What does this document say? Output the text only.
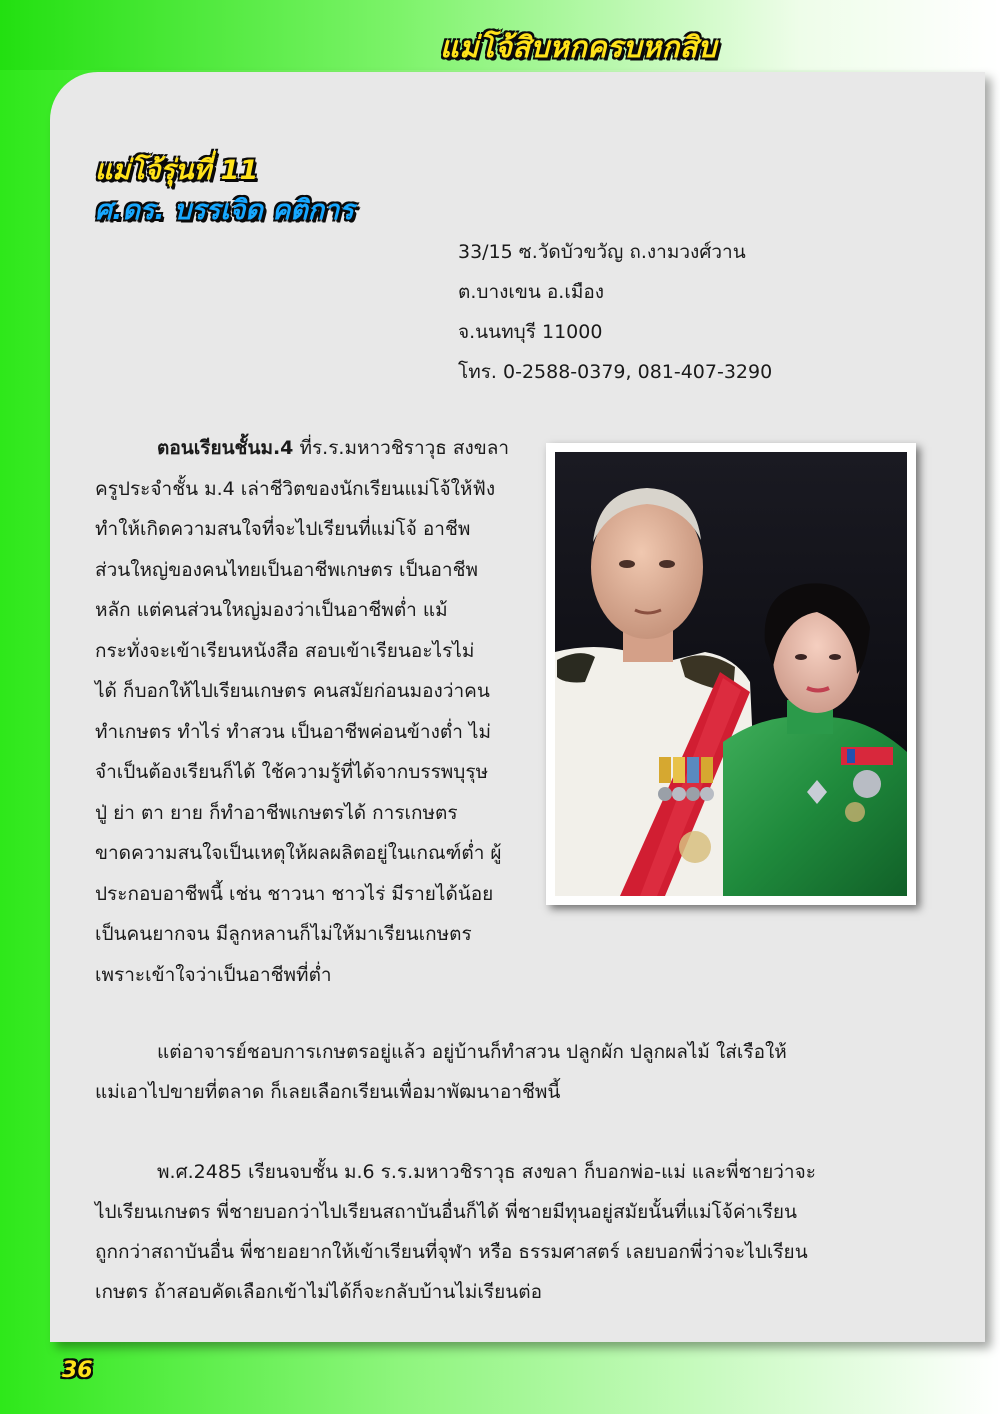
แม่โจ้สิบหกครบหกสิบ
แม่โจ้รุ่นที่ 11
ศ.ดร. บรรเจิด คติการ
33/15 ซ.วัดบัวขวัญ ถ.งามวงศ์วาน
ต.บางเขน อ.เมือง
จ.นนทบุรี 11000
โทร. 0-2588-0379, 081-407-3290
ตอนเรียนชั้นม.4 ที่ร.ร.มหาวชิราวุธ สงขลา
ครูประจำชั้น ม.4 เล่าชีวิตของนักเรียนแม่โจ้ให้ฟัง
ทำให้เกิดความสนใจที่จะไปเรียนที่แม่โจ้ อาชีพ
ส่วนใหญ่ของคนไทยเป็นอาชีพเกษตร เป็นอาชีพ
หลัก แต่คนส่วนใหญ่มองว่าเป็นอาชีพต่ำ แม้
กระทั่งจะเข้าเรียนหนังสือ สอบเข้าเรียนอะไรไม่
ได้ ก็บอกให้ไปเรียนเกษตร คนสมัยก่อนมองว่าคน
ทำเกษตร ทำไร่ ทำสวน เป็นอาชีพค่อนข้างต่ำ ไม่
จำเป็นต้องเรียนก็ได้ ใช้ความรู้ที่ได้จากบรรพบุรุษ
ปู่ ย่า ตา ยาย ก็ทำอาชีพเกษตรได้ การเกษตร
ขาดความสนใจเป็นเหตุให้ผลผลิตอยู่ในเกณฑ์ต่ำ ผู้
ประกอบอาชีพนี้ เช่น ชาวนา ชาวไร่ มีรายได้น้อย
เป็นคนยากจน มีลูกหลานก็ไม่ให้มาเรียนเกษตร
เพราะเข้าใจว่าเป็นอาชีพที่ต่ำ
แต่อาจารย์ชอบการเกษตรอยู่แล้ว อยู่บ้านก็ทำสวน ปลูกผัก ปลูกผลไม้ ใส่เรือให้
แม่เอาไปขายที่ตลาด ก็เลยเลือกเรียนเพื่อมาพัฒนาอาชีพนี้
พ.ศ.2485 เรียนจบชั้น ม.6 ร.ร.มหาวชิราวุธ สงขลา ก็บอกพ่อ-แม่ และพี่ชายว่าจะ
ไปเรียนเกษตร พี่ชายบอกว่าไปเรียนสถาบันอื่นก็ได้ พี่ชายมีทุนอยู่สมัยนั้นที่แม่โจ้ค่าเรียน
ถูกกว่าสถาบันอื่น พี่ชายอยากให้เข้าเรียนที่จุฬา หรือ ธรรมศาสตร์ เลยบอกพี่ว่าจะไปเรียน
เกษตร ถ้าสอบคัดเลือกเข้าไม่ได้ก็จะกลับบ้านไม่เรียนต่อ
36
